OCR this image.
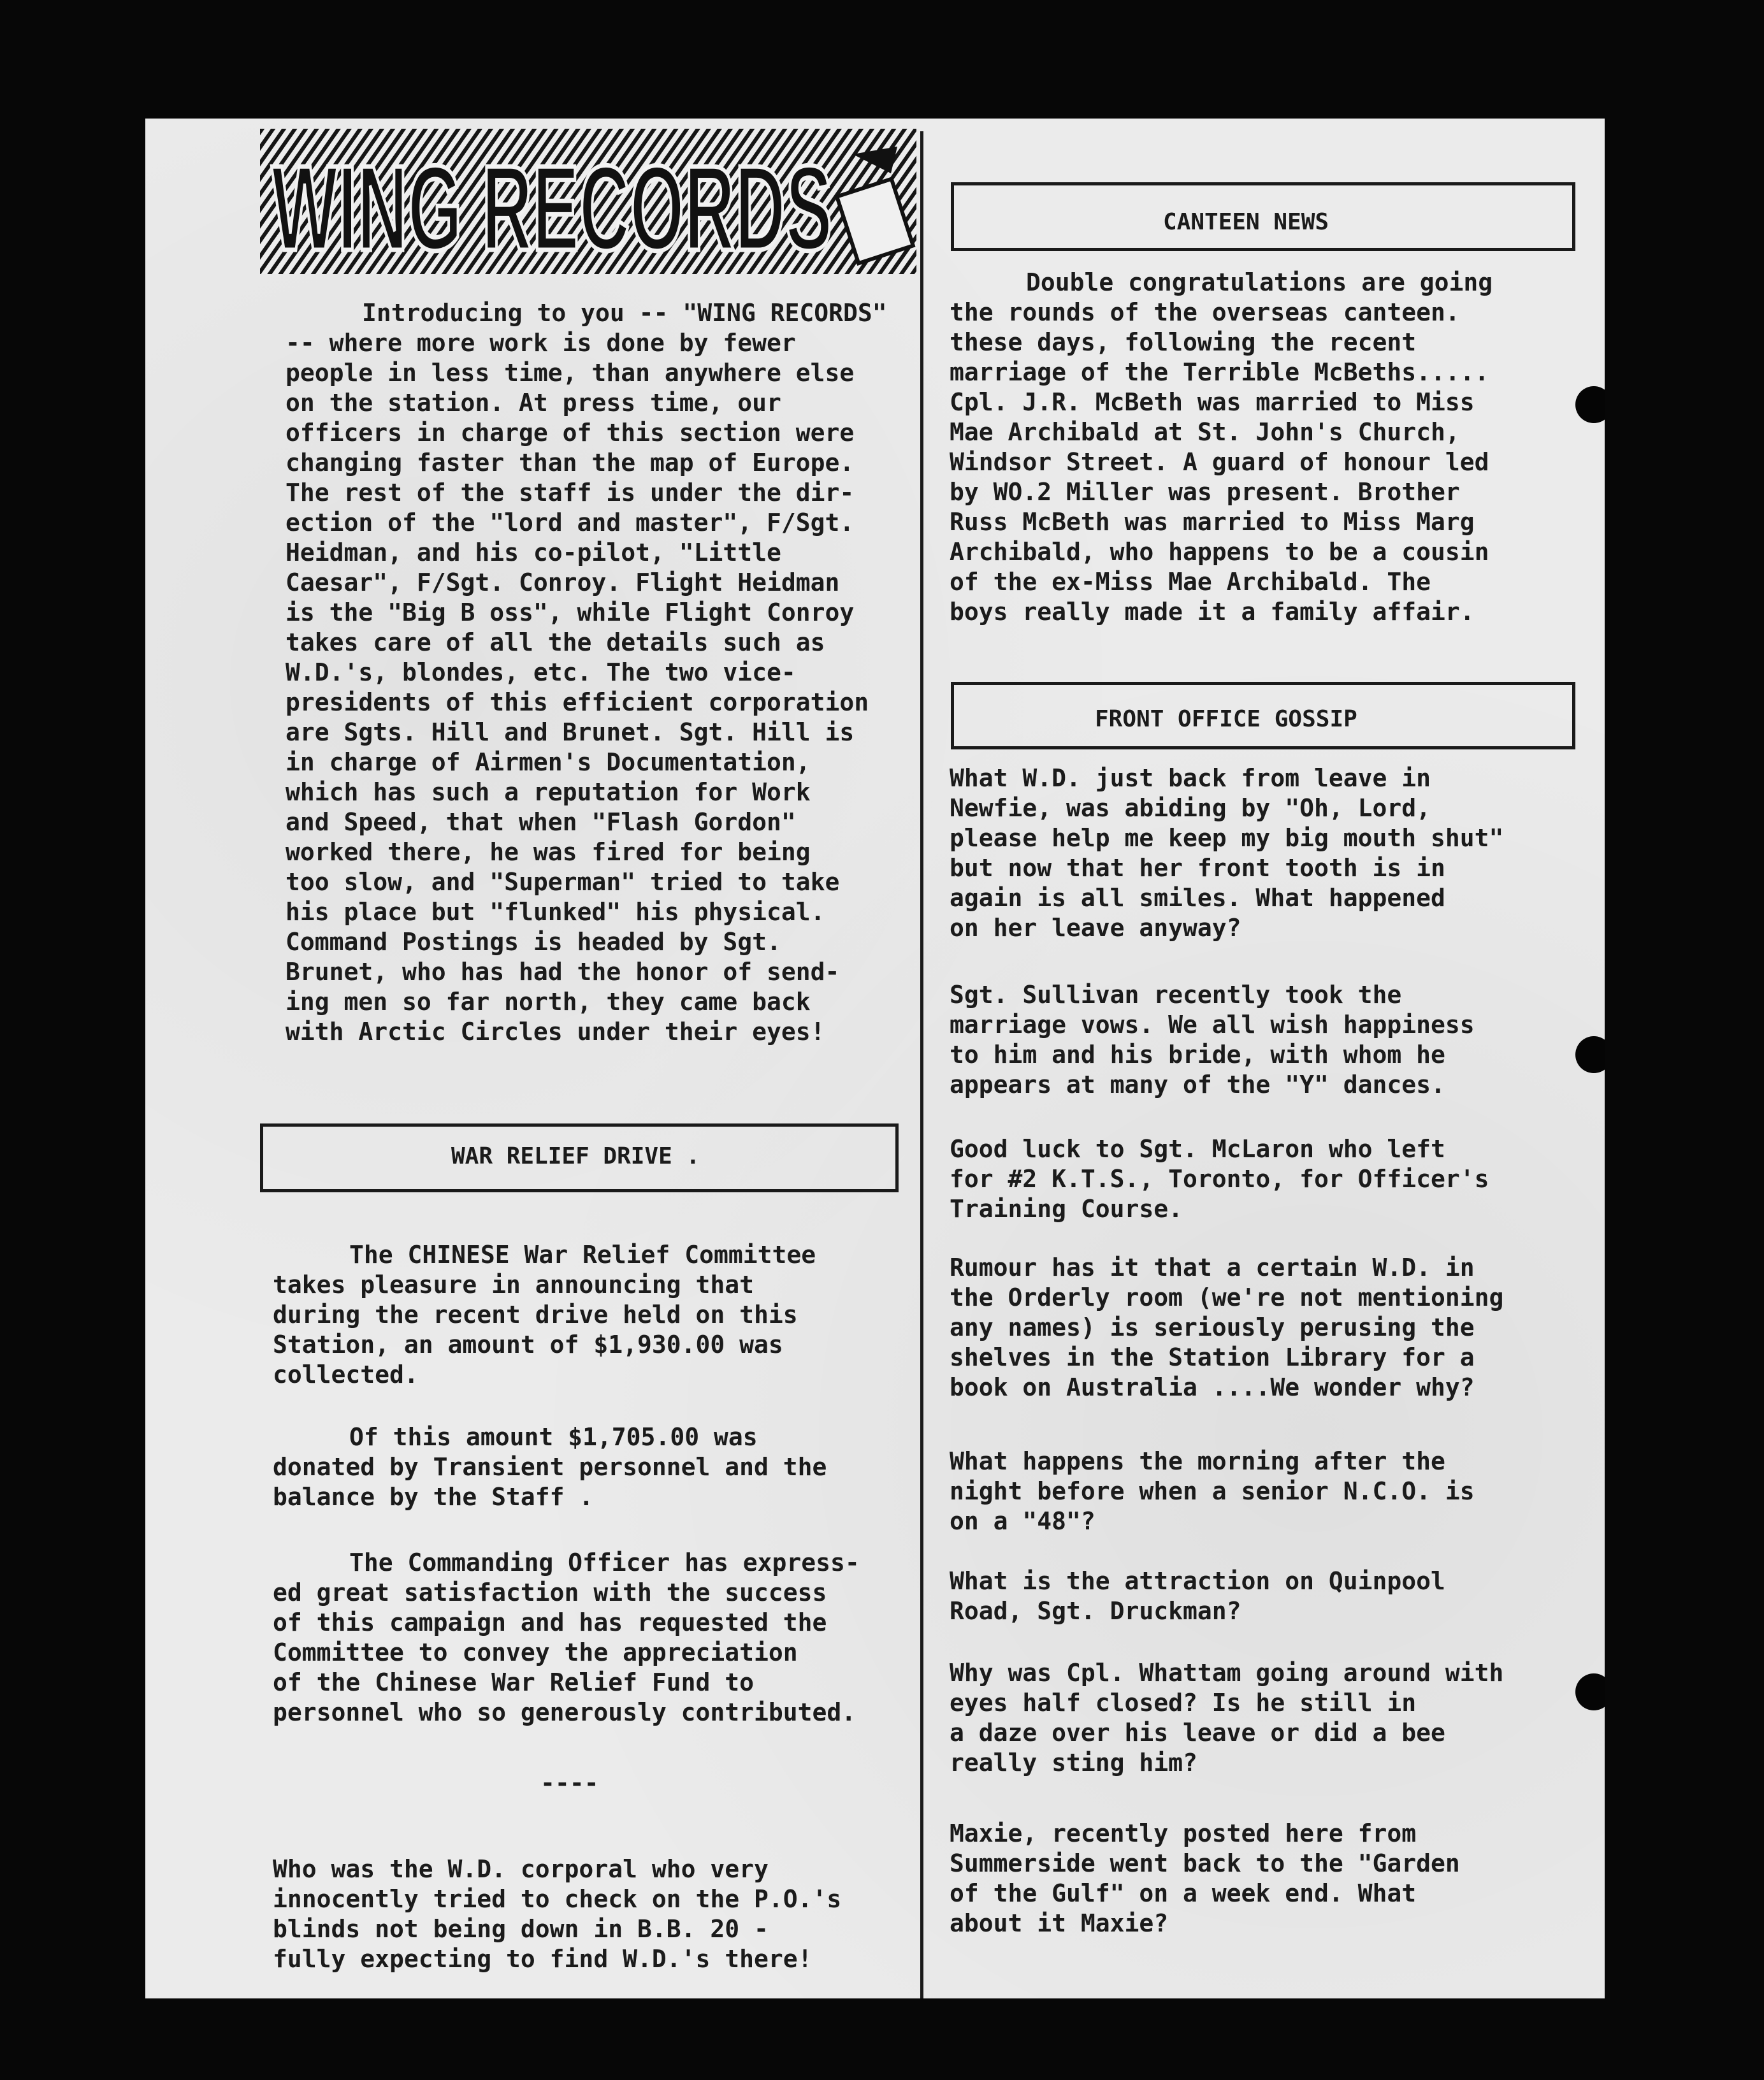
WING RECORDS
Introducing to you -- "WING RECORDS"
-- where more work is done by fewer
people in less time, than anywhere else
on the station. At press time, our
officers in charge of this section were
changing faster than the map of Europe.
The rest of the staff is under the dir-
ection of the "lord and master", F/Sgt.
Heidman, and his co-pilot, "Little
Caesar", F/Sgt. Conroy. Flight Heidman
is the "Big B oss", while Flight Conroy
takes care of all the details such as
W.D.'s, blondes, etc. The two vice-
presidents of this efficient corporation
are Sgts. Hill and Brunet. Sgt. Hill is
in charge of Airmen's Documentation,
which has such a reputation for Work
and Speed, that when "Flash Gordon"
worked there, he was fired for being
too slow, and "Superman" tried to take
his place but "flunked" his physical.
Command Postings is headed by Sgt.
Brunet, who has had the honor of send-
ing men so far north, they came back
with Arctic Circles under their eyes!
WAR RELIEF DRIVE .
The CHINESE War Relief Committee
takes pleasure in announcing that
during the recent drive held on this
Station, an amount of $1,930.00 was
collected.
Of this amount $1,705.00 was
donated by Transient personnel and the
balance by the Staff .
The Commanding Officer has express-
ed great satisfaction with the success
of this campaign and has requested the
Committee to convey the appreciation
of the Chinese War Relief Fund to
personnel who so generously contributed.
----
Who was the W.D. corporal who very
innocently tried to check on the P.O.'s
blinds not being down in B.B. 20 -
fully expecting to find W.D.'s there!
CANTEEN NEWS
Double congratulations are going
the rounds of the overseas canteen.
these days, following the recent
marriage of the Terrible McBeths.....
Cpl. J.R. McBeth was married to Miss
Mae Archibald at St. John's Church,
Windsor Street. A guard of honour led
by WO.2 Miller was present. Brother
Russ McBeth was married to Miss Marg
Archibald, who happens to be a cousin
of the ex-Miss Mae Archibald. The
boys really made it a family affair.
FRONT OFFICE GOSSIP
What W.D. just back from leave in
Newfie, was abiding by "Oh, Lord,
please help me keep my big mouth shut"
but now that her front tooth is in
again is all smiles. What happened
on her leave anyway?
Sgt. Sullivan recently took the
marriage vows. We all wish happiness
to him and his bride, with whom he
appears at many of the "Y" dances.
Good luck to Sgt. McLaron who left
for #2 K.T.S., Toronto, for Officer's
Training Course.
Rumour has it that a certain W.D. in
the Orderly room (we're not mentioning
any names) is seriously perusing the
shelves in the Station Library for a
book on Australia ....We wonder why?
What happens the morning after the
night before when a senior N.C.O. is
on a "48"?
What is the attraction on Quinpool
Road, Sgt. Druckman?
Why was Cpl. Whattam going around with
eyes half closed? Is he still in
a daze over his leave or did a bee
really sting him?
Maxie, recently posted here from
Summerside went back to the "Garden
of the Gulf" on a week end. What
about it Maxie?
